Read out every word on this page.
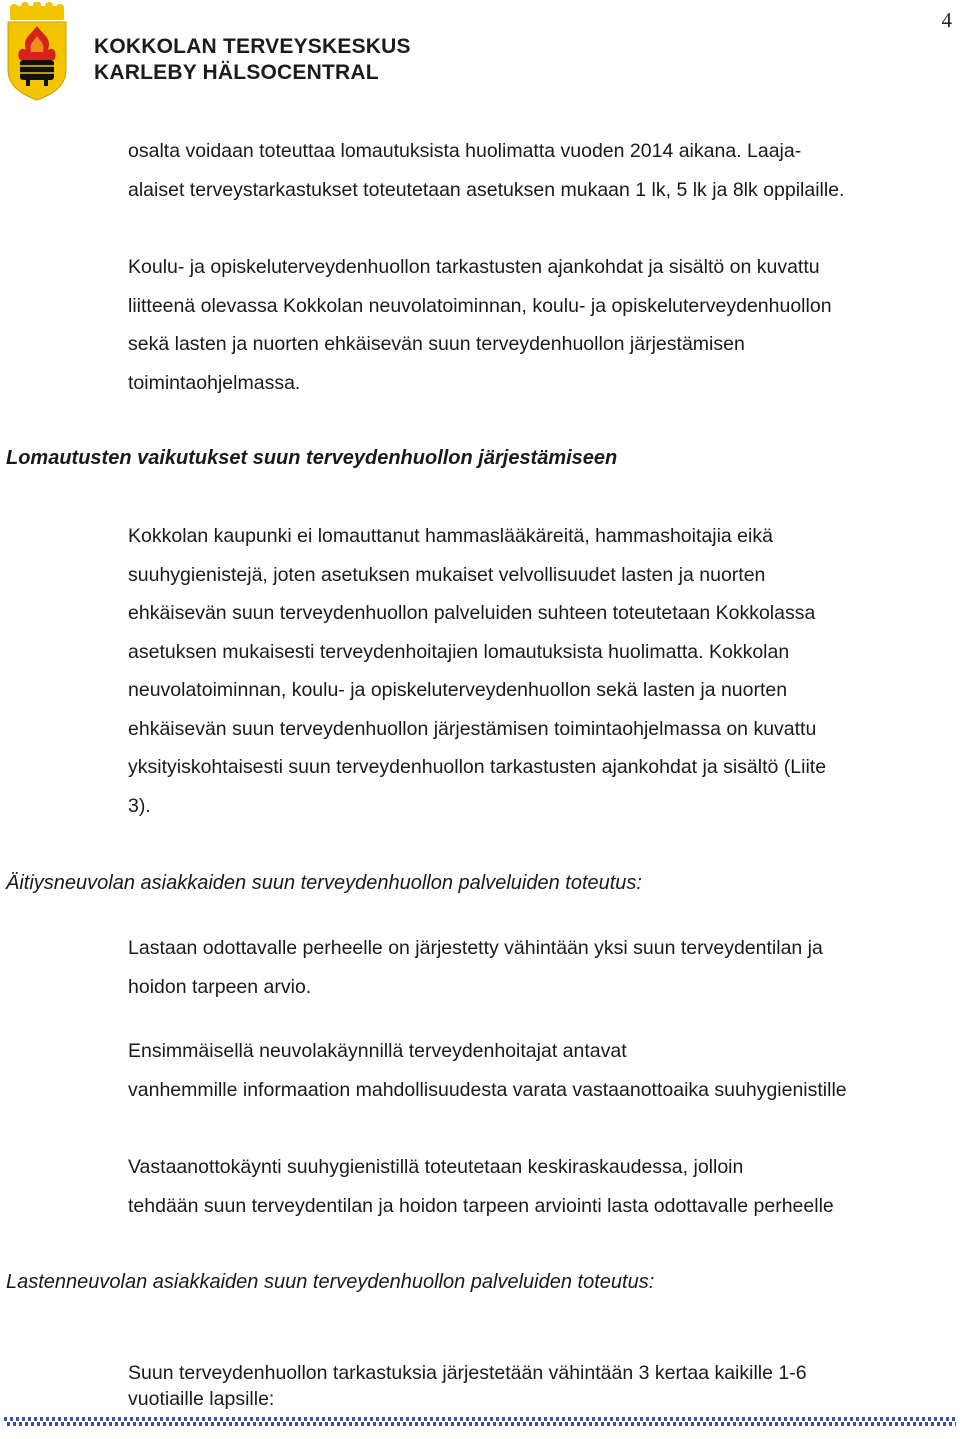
4
KOKKOLAN TERVEYSKESKUS
KARLEBY HÄLSOCENTRAL
osalta voidaan toteuttaa lomautuksista huolimatta vuoden 2014 aikana. Laaja-
alaiset terveystarkastukset toteutetaan asetuksen mukaan 1 lk, 5 lk ja 8lk oppilaille.
Koulu- ja opiskeluterveydenhuollon tarkastusten ajankohdat ja sisältö on kuvattu
liitteenä olevassa Kokkolan neuvolatoiminnan, koulu- ja opiskeluterveydenhuollon
sekä lasten ja nuorten ehkäisevän suun terveydenhuollon järjestämisen
toimintaohjelmassa.
Lomautusten vaikutukset suun terveydenhuollon järjestämiseen
Kokkolan kaupunki ei lomauttanut hammaslääkäreitä, hammashoitajia eikä
suuhygienistejä, joten asetuksen mukaiset velvollisuudet lasten ja nuorten
ehkäisevän suun terveydenhuollon palveluiden suhteen toteutetaan Kokkolassa
asetuksen mukaisesti terveydenhoitajien lomautuksista huolimatta. Kokkolan
neuvolatoiminnan, koulu- ja opiskeluterveydenhuollon sekä lasten ja nuorten
ehkäisevän suun terveydenhuollon järjestämisen toimintaohjelmassa on kuvattu
yksityiskohtaisesti suun terveydenhuollon tarkastusten ajankohdat ja sisältö (Liite
3).
Äitiysneuvolan asiakkaiden suun terveydenhuollon palveluiden toteutus:
Lastaan odottavalle perheelle on järjestetty vähintään yksi suun terveydentilan ja
hoidon tarpeen arvio.
Ensimmäisellä neuvolakäynnillä terveydenhoitajat antavat
vanhemmille informaation mahdollisuudesta varata vastaanottoaika suuhygienistille
Vastaanottokäynti suuhygienistillä toteutetaan keskiraskaudessa, jolloin
tehdään suun terveydentilan ja hoidon tarpeen arviointi lasta odottavalle perheelle
Lastenneuvolan asiakkaiden suun terveydenhuollon palveluiden toteutus:
Suun terveydenhuollon tarkastuksia järjestetään vähintään 3 kertaa kaikille 1-6
vuotiaille lapsille:
